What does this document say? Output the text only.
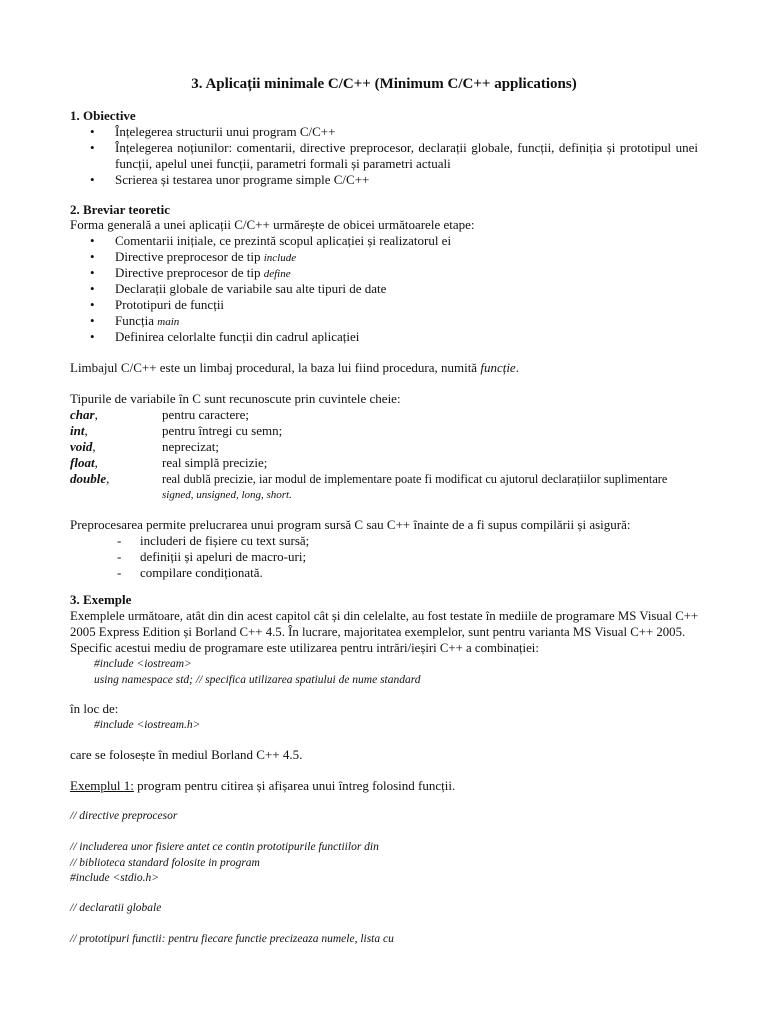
3. Aplicații minimale C/C++ (Minimum C/C++ applications)
1. Obiective
•	Înțelegerea structurii unui program C/C++
•	Înțelegerea noțiunilor: comentarii, directive preprocesor, declarații globale, funcții, definiția și prototipul unei
funcții, apelul unei funcții, parametri formali și parametri actuali
•	Scrierea și testarea unor programe simple C/C++
2. Breviar teoretic
Forma generală a unei aplicații C/C++ urmărește de obicei următoarele etape:
•	Comentarii inițiale, ce prezintă scopul aplicației și realizatorul ei
•	Directive preprocesor de tip include
•	Directive preprocesor de tip define
•	Declarații globale de variabile sau alte tipuri de date
•	Prototipuri de funcții
•	Funcția main
•	Definirea celorlalte funcții din cadrul aplicației
Limbajul C/C++ este un limbaj procedural, la baza lui fiind procedura, numită funcție.
Tipurile de variabile în C sunt recunoscute prin cuvintele cheie:
char,	pentru caractere;
int,	pentru întregi cu semn;
void,	neprecizat;
float,	real simplă precizie;
double,	real dublă precizie, iar modul de implementare poate fi modificat cu ajutorul declarațiilor suplimentare
signed, unsigned, long, short.
Preprocesarea permite prelucrarea unui program sursă C sau C++ înainte de a fi supus compilării și asigură:
- includeri de fișiere cu text sursă;
- definiții și apeluri de macro-uri;
- compilare condiționată.
3. Exemple
Exemplele următoare, atât din din acest capitol cât și din celelalte, au fost testate în mediile de programare MS Visual C++
2005 Express Edition și Borland C++ 4.5. În lucrare, majoritatea exemplelor, sunt pentru varianta MS Visual C++ 2005.
Specific acestui mediu de programare este utilizarea pentru intrări/ieșiri C++ a combinației:
#include <iostream>
using namespace std; // specifica utilizarea spatiului de nume standard
în loc de:
#include <iostream.h>
care se folosește în mediul Borland C++ 4.5.
Exemplul 1: program pentru citirea și afișarea unui întreg folosind funcții.
// directive preprocesor
// includerea unor fisiere antet ce contin prototipurile functiilor din
// biblioteca standard folosite in program
#include <stdio.h>
// declaratii globale
// prototipuri functii: pentru fiecare functie precizeaza numele, lista cu
